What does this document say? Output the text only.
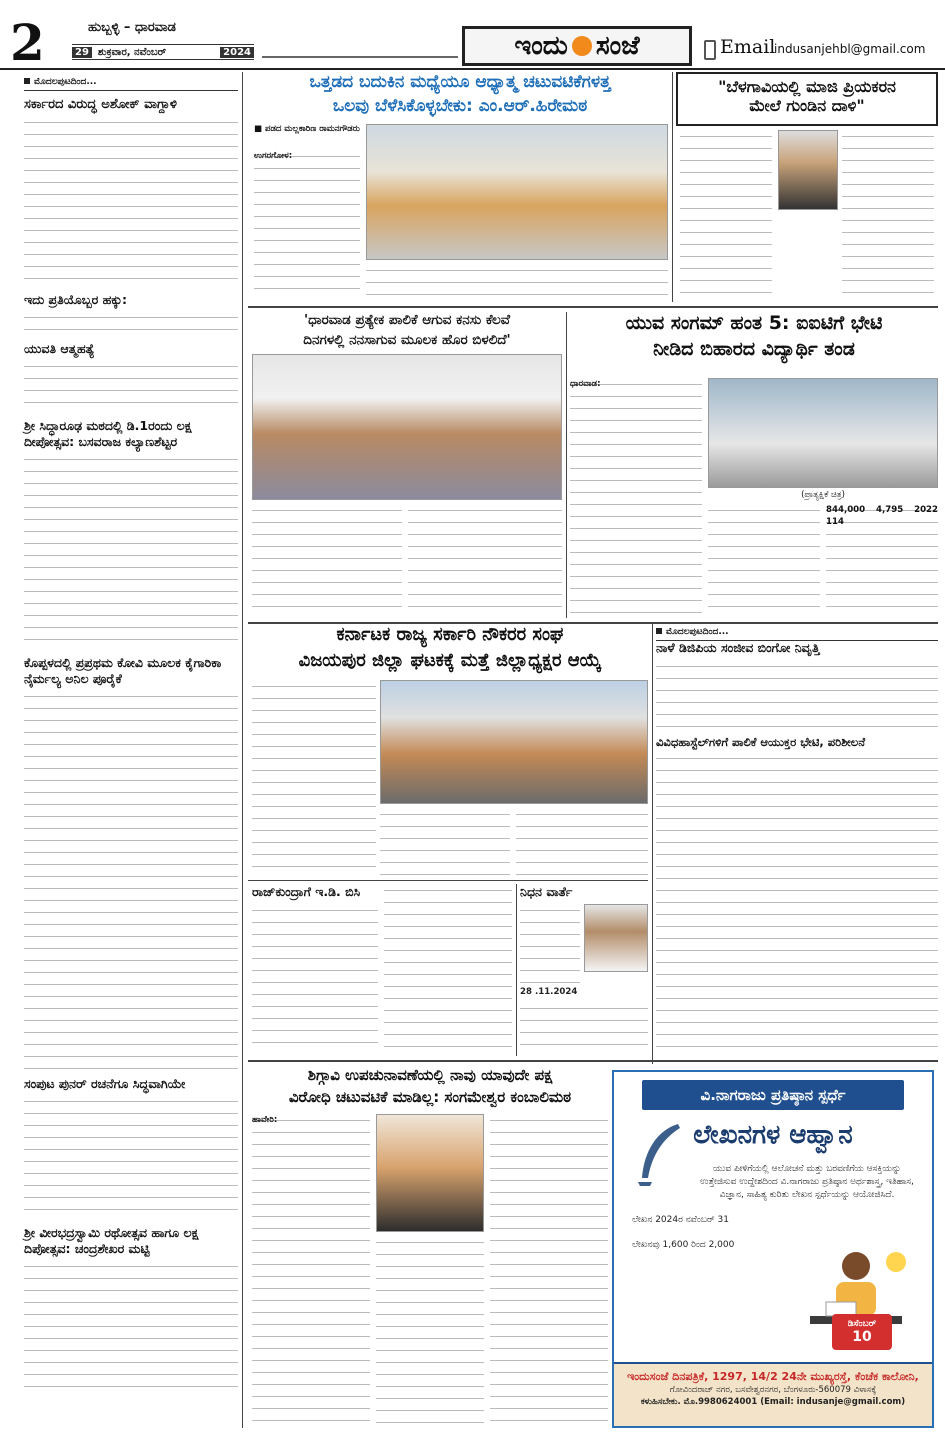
2	ಹುಬ್ಬಳ್ಳಿ – ಧಾರವಾಡ
29 ಶುಕ್ರವಾರ, ನವೆಂಬರ್	2024	ಇಂದು ಸಂಜೆ	Email
indusanjehbl@gmail.com
ಮೊದಲಪುಟದಿಂದ...
ಸರ್ಕಾರದ ವಿರುದ್ಧ ಅಶೋಕ್ ವಾಗ್ದಾಳಿ
ಇದು ಪ್ರತಿಯೊಬ್ಬರ ಹಕ್ಕು:
ಯುವತಿ ಆತ್ಮಹತ್ಯೆ
ಶ್ರೀ ಸಿದ್ಧಾರೂಢ ಮಠದಲ್ಲಿ ಡಿ.1ರಂದು ಲಕ್ಷ ದೀಪೋತ್ಸವ: ಬಸವರಾಜ ಕಲ್ಯಾಣಶೆಟ್ಟರ
ಕೊಪ್ಪಳದಲ್ಲಿ ಪ್ರಪ್ರಥಮ ಕೋವಿ ಮೂಲಕ ಕೈಗಾರಿಕಾ ನೈರ್ಮಲ್ಯ ಅನಿಲ ಪೂರೈಕೆ
ಸಂಪುಟ ಪುನರ್ ರಚನೆಗೂ ಸಿದ್ಧವಾಗಿಯೇ
ಶ್ರೀ ವೀರಭದ್ರಸ್ವಾಮಿ ರಥೋತ್ಸವ ಹಾಗೂ ಲಕ್ಷ ದಿಪೋತ್ಸವ: ಚಂದ್ರಶೇಖರ ಮಟ್ಟಿ
ಒತ್ತಡದ ಬದುಕಿನ ಮಧ್ಯೆಯೂ ಆಧ್ಯಾತ್ಮ ಚಟುವಟಿಕೆಗಳತ್ತ
ಒಲವು ಬೆಳೆಸಿಕೊಳ್ಳಬೇಕು: ಎಂ.ಆರ್.ಹಿರೇಮಠ
■ ಪಡದ ಮಲ್ಲಕಾರಿಣ ರಾಮನಗೌಡರು
ಉಗರಗೋಳ:
"ಬೆಳಗಾವಿಯಲ್ಲಿ ಮಾಜಿ ಪ್ರಿಯಕರನ
ಮೇಲೆ ಗುಂಡಿನ ದಾಳಿ"
'ಧಾರವಾಡ ಪ್ರತ್ಯೇಕ ಪಾಲಿಕೆ ಆಗುವ ಕನಸು ಕೆಲವೆ
ದಿನಗಳಲ್ಲಿ ನನಸಾಗುವ ಮೂಲಕ ಹೊರ ಬಿಳಲಿದೆ'
ಯುವ ಸಂಗಮ್ ಹಂತ 5: ಐಐಟಿಗೆ ಭೇಟಿ
ನೀಡಿದ ಬಿಹಾರದ ವಿದ್ಯಾರ್ಥಿ ತಂಡ
ಧಾರವಾಡ:
(ಪ್ರಾತ್ಯಕ್ಷಿಕೆ ಚಿತ್ರ)
844,000 4,795 2022 114
ಕರ್ನಾಟಕ ರಾಜ್ಯ ಸರ್ಕಾರಿ ನೌಕರರ ಸಂಘ
ವಿಜಯಪುರ ಜಿಲ್ಲಾ ಘಟಕಕ್ಕೆ ಮತ್ತೆ ಜಿಲ್ಲಾಧ್ಯಕ್ಷರ ಆಯ್ಕೆ
ಮೊದಲಪುಟದಿಂದ...
ನಾಳೆ ಡಿಜಿಪಿಯ ಸಂಜೀವ ಬಿಂಗೋ ನಿವೃತ್ತಿ
ವಿವಿಧಹಾಸ್ಟೆಲ್‌ಗಳಿಗೆ ಪಾಲಿಕೆ ಆಯುಕ್ತರ ಭೇಟಿ, ಪರಿಶೀಲನೆ
ರಾಜ್‌ಕುಂದ್ರಾಗೆ ಇ.ಡಿ. ಬಿಸಿ	ನಿಧನ ವಾರ್ತೆ
28 .11.2024
ಶಿಗ್ಗಾವಿ ಉಪಚುನಾವಣೆಯಲ್ಲಿ ನಾವು ಯಾವುದೇ ಪಕ್ಷ
ವಿರೋಧಿ ಚಟುವಟಿಕೆ ಮಾಡಿಲ್ಲ: ಸಂಗಮೇಶ್ವರ ಕಂಬಾಲಿಮಠ
ಹಾವೇರಿ:
ವಿ.ನಾಗರಾಜು ಪ್ರತಿಷ್ಠಾನ ಸ್ಪರ್ಧೆ
ಲೇಖನಗಳ ಆಹ್ವಾನ
ಯುವ ಪೀಳಿಗೆಯಲ್ಲಿ ಆಲೋಚನೆ ಮತ್ತು ಬರವಣಿಗೆಯ ಆಸಕ್ತಿಯನ್ನು ಉತ್ತೇಜಿಸುವ ಉದ್ದೇಶದಿಂದ ವಿ.ನಾಗರಾಜು ಪ್ರತಿಷ್ಠಾನ ಅರ್ಥಶಾಸ್ತ್ರ, ಇತಿಹಾಸ, ವಿಜ್ಞಾನ, ಸಾಹಿತ್ಯ ಕುರಿತು ಲೇಖನ ಸ್ಪರ್ಧೆಯನ್ನು ಆಯೋಜಿಸಿದೆ.
ಲೇಖನ 2024ರ ನವೆಂಬರ್ 31
ಲೇಖನವು 1,600 ರಿಂದ 2,000
ಡಿಸೆಂಬರ್
10
ಇಂದುಸಂಜೆ ದಿನಪತ್ರಿಕೆ, 1297, 14/2 24ನೇ ಮುಖ್ಯರಸ್ತೆ, ಕೆಂಚೆಕ ಕಾಲೋನಿ,
ಗೋವಿಂದರಾಜ್ ನಗರ, ಬಸವೇಶ್ವರನಗರ, ಬೆಂಗಳೂರು-560079 ವಿಳಾಸಕ್ಕೆ
ಕಳುಹಿಸಬೇಕು. ಮೊ.9980624001 (Email: indusanje@gmail.com)
